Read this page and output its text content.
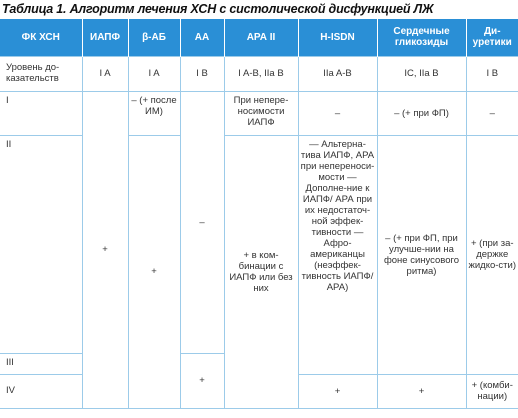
Таблица 1. Алгоритм лечения ХСН с систолической дисфункцией ЛЖ
ФК ХСН	ИАПФ	β-АБ	АА	АРА II	H-ISDN	Сердечные гликозиды	Ди-уретики
Уровень до-казательств	I A	I A	I B	I A-B, IIa B	IIa A-B	IC, IIa B	I B
I	+	– (+ после ИМ)	–	При непере-носимости ИАПФ	–	– (+ при ФП)	–
II		+		+ в ком-бинации с ИАПФ или без них	— Альтерна-тива ИАПФ, АРА при непереноси-мости — Дополне-ние к ИАПФ/ АРА при их недостаточ-ной эффек-тивности — Афро-американцы (неэффек-тивность ИАПФ/АРА)	– (+ при ФП, при улучше-нии на фоне синусового ритма)	+ (при за-держке жидко-сти)
III			+				
IV					+	+	+ (комби-нации)
